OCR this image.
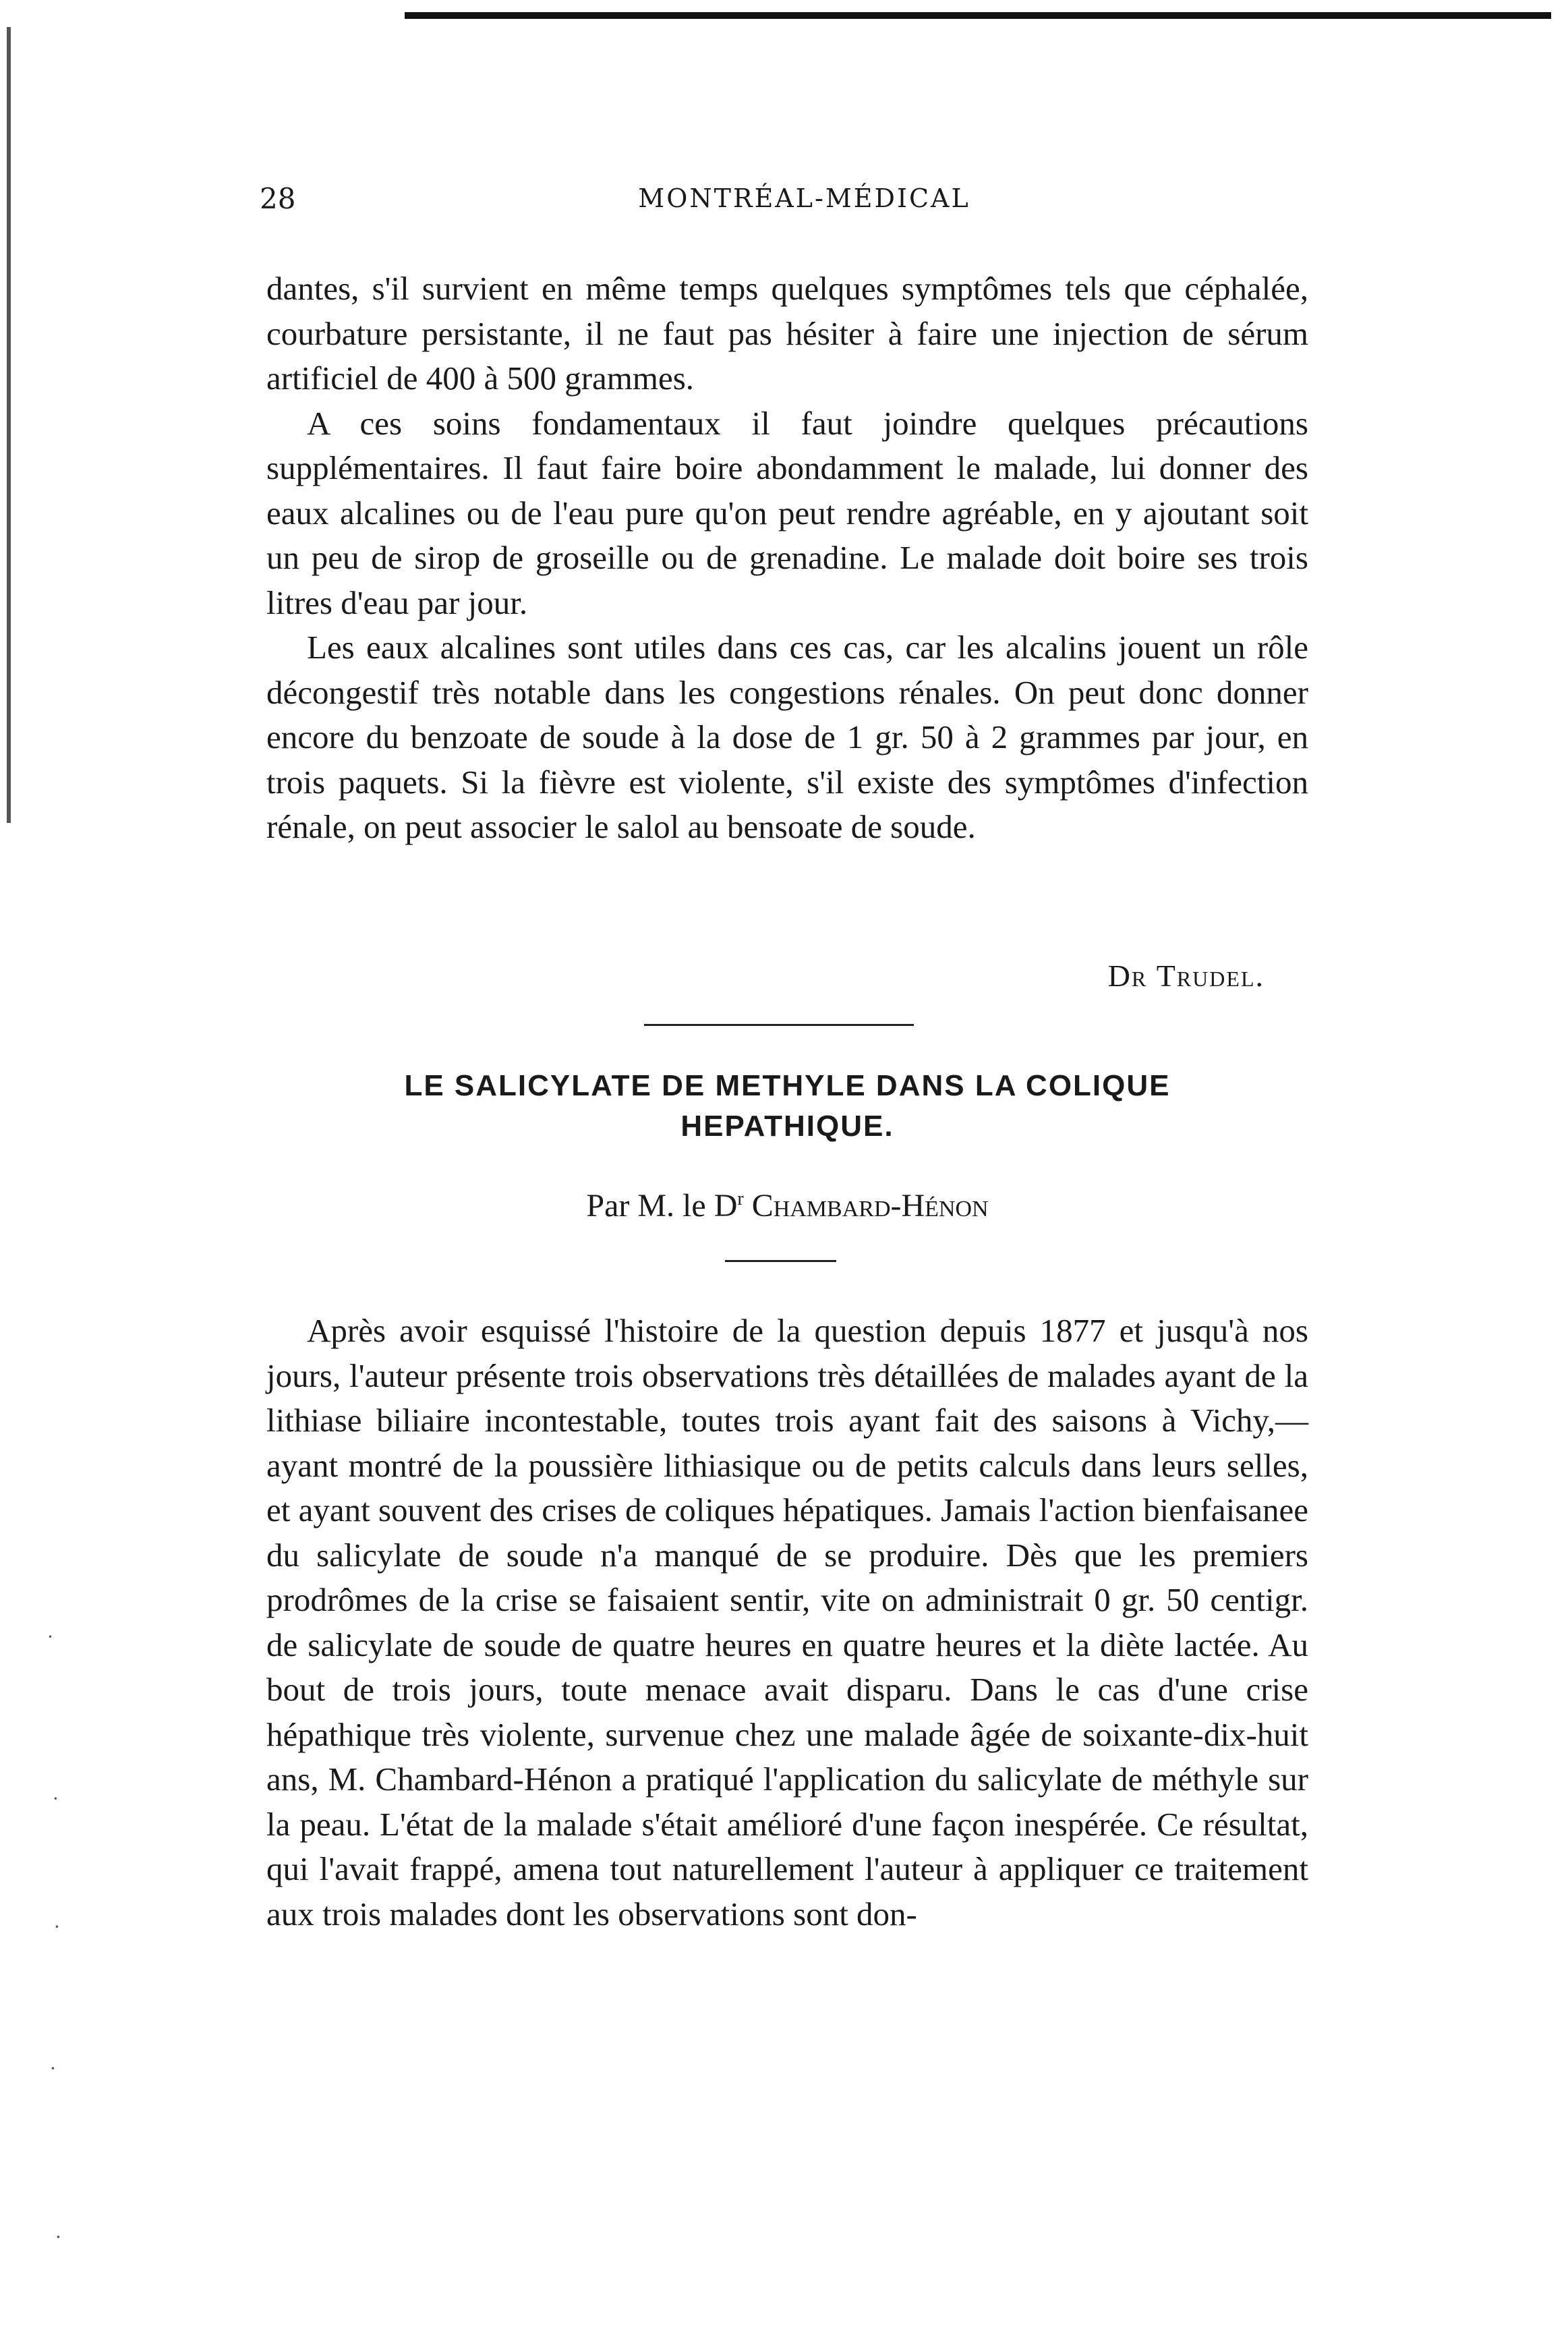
28	MONTRÉAL-MÉDICAL

dantes, s'il survient en même temps quelques symptômes tels que céphalée, courbature persistante, il ne faut pas hésiter à faire une injection de sérum artificiel de 400 à 500 grammes.

A ces soins fondamentaux il faut joindre quelques précautions supplémentaires. Il faut faire boire abondamment le malade, lui donner des eaux alcalines ou de l'eau pure qu'on peut rendre agréable, en y ajoutant soit un peu de sirop de groseille ou de grenadine. Le malade doit boire ses trois litres d'eau par jour.

Les eaux alcalines sont utiles dans ces cas, car les alcalins jouent un rôle décongestif très notable dans les congestions rénales. On peut donc donner encore du benzoate de soude à la dose de 1 gr. 50 à 2 grammes par jour, en trois paquets. Si la fièvre est violente, s'il existe des symptômes d'infection rénale, on peut associer le salol au bensoate de soude.

Dr Trudel.
LE SALICYLATE DE METHYLE DANS LA COLIQUE
HEPATHIQUE.
Par M. le $D^r$ Chambard-Hénon

Après avoir esquissé l'histoire de la question depuis 1877 et jusqu'à nos jours, l'auteur présente trois observations très détaillées de malades ayant de la lithiase biliaire incontestable, toutes trois ayant fait des saisons à Vichy,—ayant montré de la poussière lithiasique ou de petits calculs dans leurs selles, et ayant souvent des crises de coliques hépatiques. Jamais l'action bienfaisanee du salicylate de soude n'a manqué de se produire. Dès que les premiers prodrômes de la crise se faisaient sentir, vite on administrait 0 gr. 50 centigr. de salicylate de soude de quatre heures en quatre heures et la diète lactée. Au bout de trois jours, toute menace avait disparu. Dans le cas d'une crise hépathique très violente, survenue chez une malade âgée de soixante-dix-huit ans, M. Chambard-Hénon a pratiqué l'application du salicylate de méthyle sur la peau. L'état de la malade s'était amélioré d'une façon inespérée. Ce résultat, qui l'avait frappé, amena tout naturellement l'auteur à appliquer ce traitement aux trois malades dont les observations sont don-

·
·
·
·
·
